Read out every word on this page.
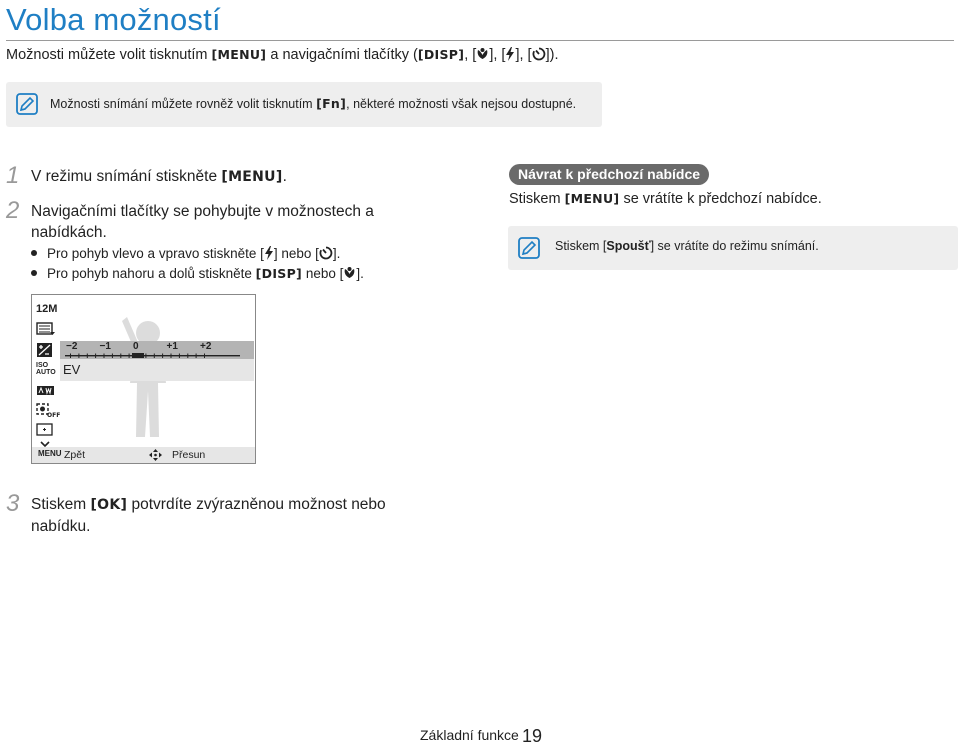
Volba možností
Možnosti můžete volit tisknutím [MENU] a navigačními tlačítky ([DISP], [ ], [ ], [ ]).
Možnosti snímání můžete rovněž volit tisknutím [Fn], některé možnosti však nejsou dostupné.
1 V režimu snímání stiskněte [MENU].
2 Navigačními tlačítky se pohybujte v možnostech a
nabídkách.
Pro pohyb vlevo a vpravo stiskněte [ ] nebo [ ].
Pro pohyb nahoru a dolů stiskněte [DISP] nebo [ ].
Návrat k předchozí nabídce
Stiskem [MENU] se vrátíte k předchozí nabídce.
Stiskem [Spoušť] se vrátíte do režimu snímání.
12M
ISO AUTO
OFF
−2 −1 0	+1 +2
EV
MENU Zpět	Přesun
3 Stiskem [OK] potvrdíte zvýrazněnou možnost nebo
nabídku.
Základní funkce 19
